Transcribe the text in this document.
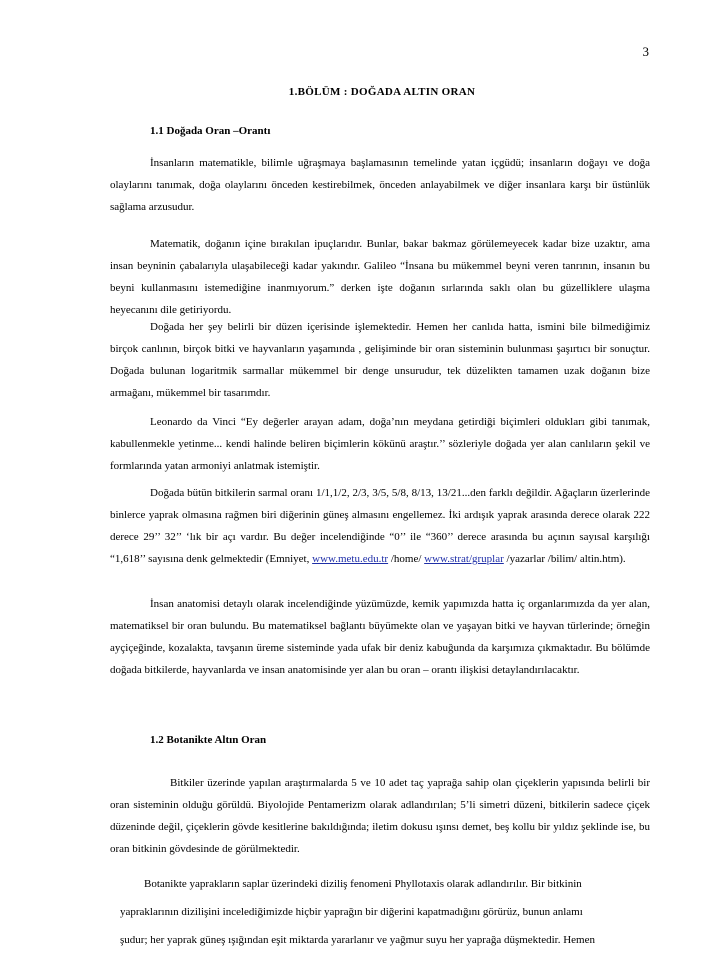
3
1.BÖLÜM : DOĞADA ALTIN ORAN
1.1 Doğada Oran –Orantı

İnsanların matematikle, bilimle uğraşmaya başlamasının temelinde yatan içgüdü; insanların doğayı ve doğa olaylarını tanımak, doğa olaylarını önceden kestirebilmek, önceden anlayabilmek ve diğer insanlara karşı bir üstünlük sağlama arzusudur.

Matematik, doğanın içine bırakılan ipuçlarıdır. Bunlar, bakar bakmaz görülemeyecek kadar bize uzaktır, ama insan beyninin çabalarıyla ulaşabileceği kadar yakındır. Galileo “İnsana bu mükemmel beyni veren tanrının, insanın bu beyni kullanmasını istemediğine inanmıyorum.” derken işte doğanın sırlarında saklı olan bu güzelliklere ulaşma heyecanını dile getiriyordu.

Doğada her şey belirli bir düzen içerisinde işlemektedir. Hemen her canlıda hatta, ismini bile bilmediğimiz birçok canlının, birçok bitki ve hayvanların yaşamında , gelişiminde bir oran sisteminin bulunması şaşırtıcı bir sonuçtur. Doğada bulunan logaritmik sarmallar mükemmel bir denge unsurudur, tek düzelikten tamamen uzak doğanın bize armağanı, mükemmel bir tasarımdır.

Leonardo da Vinci “Ey değerler arayan adam, doğa’nın meydana getirdiği biçimleri oldukları gibi tanımak, kabullenmekle yetinme... kendi halinde beliren biçimlerin kökünü araştır.’’ sözleriyle doğada yer alan canlıların şekil ve formlarında yatan armoniyi anlatmak istemiştir.

Doğada bütün bitkilerin sarmal oranı 1/1,1/2, 2/3, 3/5, 5/8, 8/13, 13/21...den farklı değildir. Ağaçların üzerlerinde binlerce yaprak olmasına rağmen biri diğerinin güneş almasını engellemez. İki ardışık yaprak arasında derece olarak 222 derece 29’’ 32’’ ‘lık bir açı vardır. Bu değer incelendiğinde “0’’ ile “360’’ derece arasında bu açının sayısal karşılığı “1,618’’ sayısına denk gelmektedir (Emniyet, www.metu.edu.tr /home/ www.strat/gruplar /yazarlar /bilim/ altin.htm).

İnsan anatomisi detaylı olarak incelendiğinde yüzümüzde, kemik yapımızda hatta iç organlarımızda da yer alan, matematiksel bir oran bulundu. Bu matematiksel bağlantı büyümekte olan ve yaşayan bitki ve hayvan türlerinde; örneğin ayçiçeğinde, kozalakta, tavşanın üreme sisteminde yada ufak bir deniz kabuğunda da karşımıza çıkmaktadır. Bu bölümde doğada bitkilerde, hayvanlarda ve insan anatomisinde yer alan bu oran – orantı ilişkisi detaylandırılacaktır.

1.2 Botanikte Altın Oran

Bitkiler üzerinde yapılan araştırmalarda 5 ve 10 adet taç yaprağa sahip olan çiçeklerin yapısında belirli bir oran sisteminin olduğu görüldü. Biyolojide Pentamerizm olarak adlandırılan; 5’li simetri düzeni, bitkilerin sadece çiçek düzeninde değil, çiçeklerin gövde kesitlerine bakıldığında; iletim dokusu ışınsı demet, beş kollu bir yıldız şeklinde ise, bu oran bitkinin gövdesinde de görülmektedir.

Botanikte yaprakların saplar üzerindeki diziliş fenomeni Phyllotaxis olarak adlandırılır. Bir bitkinin
yapraklarının dizilişini incelediğimizde hiçbir yaprağın bir diğerini kapatmadığını görürüz, bunun anlamı
şudur; her yaprak güneş ışığından eşit miktarda yararlanır ve yağmur suyu her yaprağa düşmektedir. Hemen
